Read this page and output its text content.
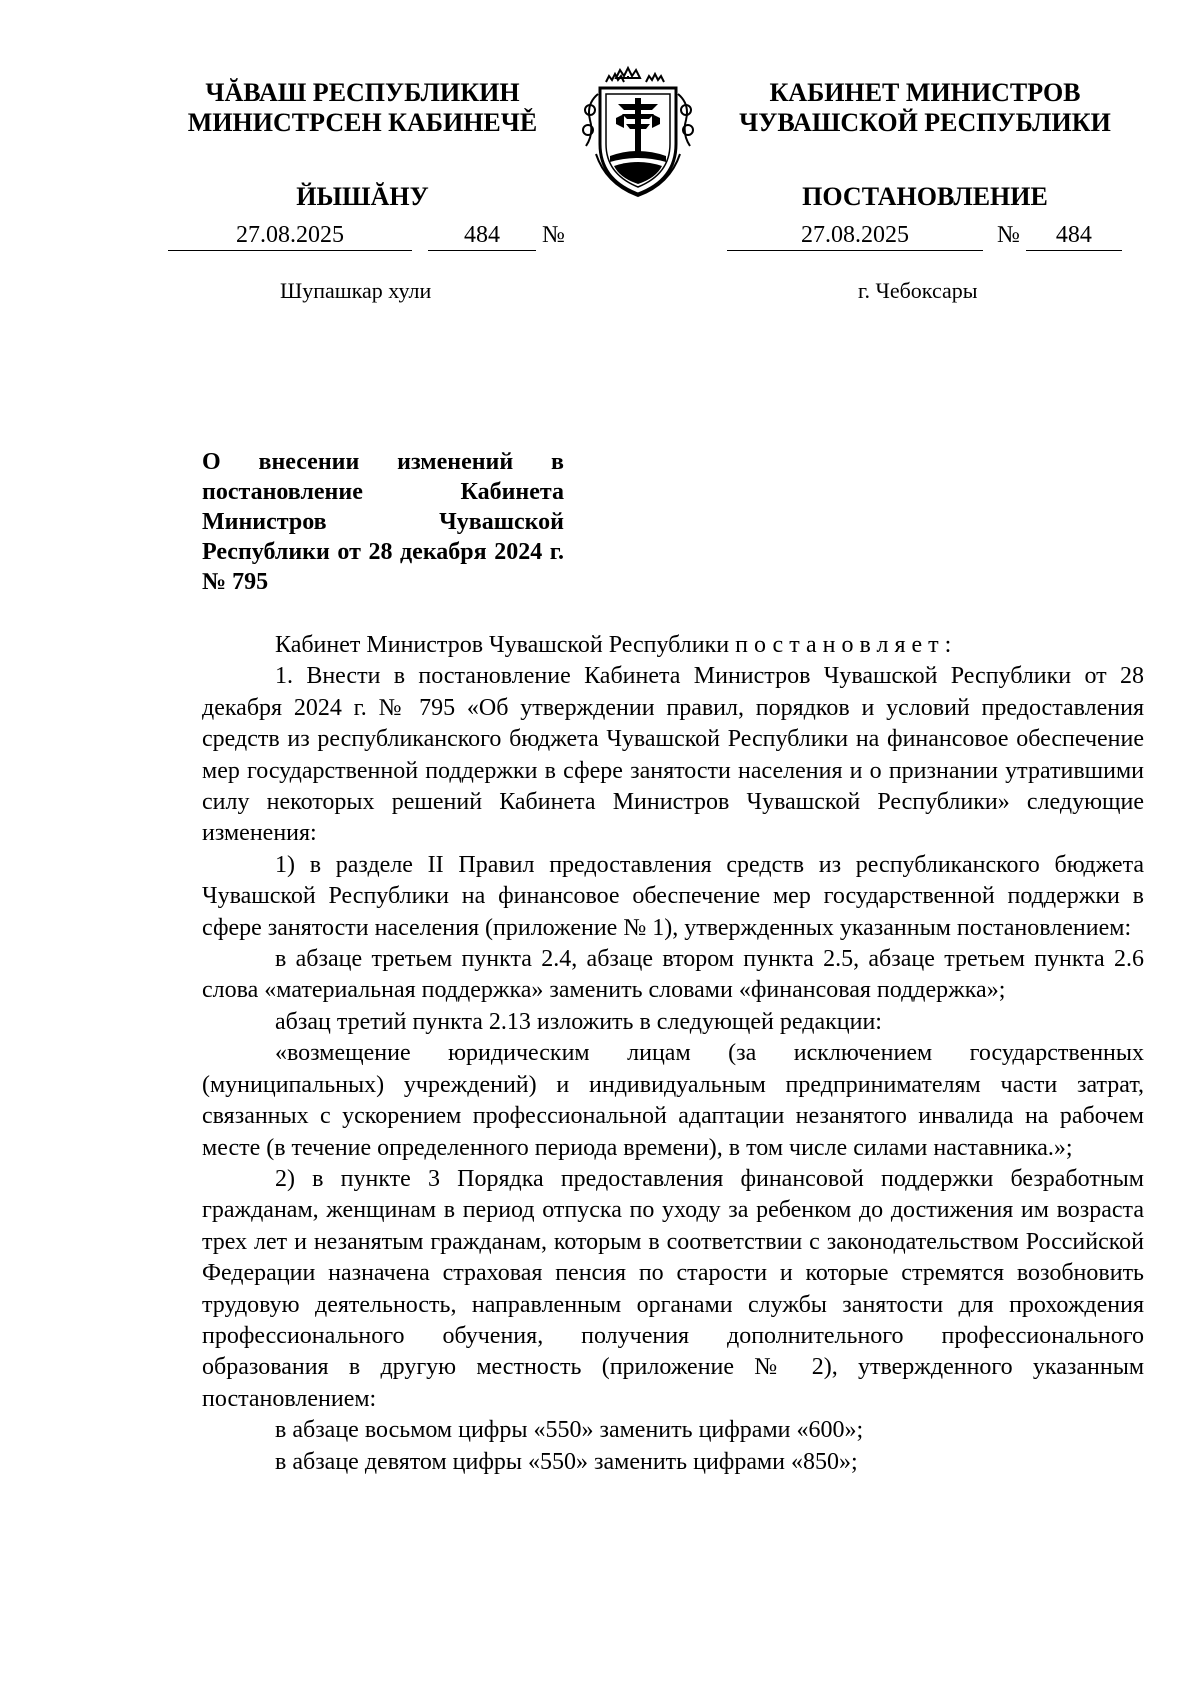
ЧĂВАШ РЕСПУБЛИКИН
МИНИСТРСЕН КАБИНЕЧĚ
ЙЫШĂНУ
КАБИНЕТ МИНИСТРОВ
ЧУВАШСКОЙ РЕСПУБЛИКИ
ПОСТАНОВЛЕНИЕ
27.08.2025	484 №	27.08.2025	№ 484
Шупашкар хули	г. Чебоксары
О внесении изменений в постановление Кабинета Министров Чувашской Республики от 28 декабря 2024 г. № 795

Кабинет Министров Чувашской Республики постановляет:

1. Внести в постановление Кабинета Министров Чувашской Республики от 28 декабря 2024 г. № 795 «Об утверждении правил, порядков и условий предоставления средств из республиканского бюджета Чувашской Республики на финансовое обеспечение мер государственной поддержки в сфере занятости населения и о признании утратившими силу некоторых решений Кабинета Министров Чувашской Республики» следующие изменения:

1) в разделе II Правил предоставления средств из республиканского бюджета Чувашской Республики на финансовое обеспечение мер государственной поддержки в сфере занятости населения (приложение № 1), утвержденных указанным постановлением:

в абзаце третьем пункта 2.4, абзаце втором пункта 2.5, абзаце третьем пункта 2.6 слова «материальная поддержка» заменить словами «финансовая поддержка»;

абзац третий пункта 2.13 изложить в следующей редакции:

«возмещение юридическим лицам (за исключением государственных (муниципальных) учреждений) и индивидуальным предпринимателям части затрат, связанных с ускорением профессиональной адаптации незанятого инвалида на рабочем месте (в течение определенного периода времени), в том числе силами наставника.»;

2) в пункте 3 Порядка предоставления финансовой поддержки безработным гражданам, женщинам в период отпуска по уходу за ребенком до достижения им возраста трех лет и незанятым гражданам, которым в соответствии с законодательством Российской Федерации назначена страховая пенсия по старости и которые стремятся возобновить трудовую деятельность, направленным органами службы занятости для прохождения профессионального обучения, получения дополнительного профессионального образования в другую местность (приложение № 2), утвержденного указанным постановлением:

в абзаце восьмом цифры «550» заменить цифрами «600»;

в абзаце девятом цифры «550» заменить цифрами «850»;
